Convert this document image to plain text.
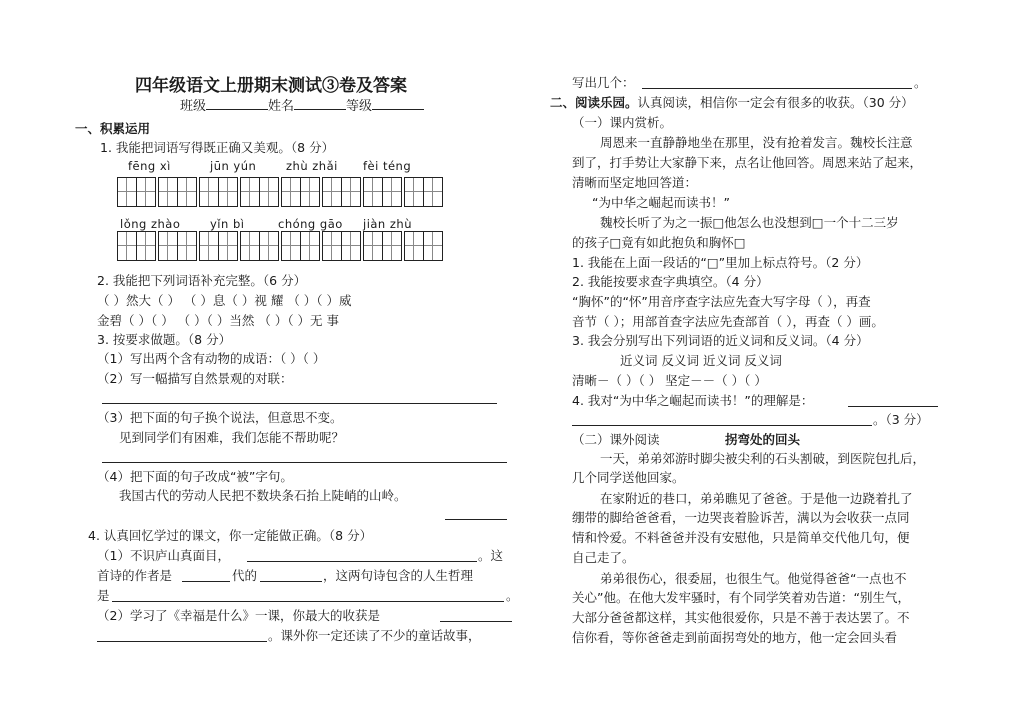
四年级语文上册期末测试③卷及答案
班级	姓名	等级
一、积累运用
1. 我能把词语写得既正确又美观。（8 分）
fēng xì	jūn yún	zhù zhǎi fèi téng
lǒng zhào	yǐn bì	chóng gāo jiàn zhù
2. 我能把下列词语补充完整。（6 分）
（ ）然大（ ） （ ）息（ ）视 耀 （ ）（ ）威
金碧（ ）（ ） （ ）（ ）当然 （ ）（ ）无 事
3. 按要求做题。（8 分）
（1）写出两个含有动物的成语：（ ）（ ）
（2）写一幅描写自然景观的对联：
（3）把下面的句子换个说法，但意思不变。
见到同学们有困难，我们怎能不帮助呢？
（4）把下面的句子改成“被”字句。
我国古代的劳动人民把不数块条石抬上陡峭的山岭。
4. 认真回忆学过的课文，你一定能做正确。（8 分）
（1）不识庐山真面目，	。这
首诗的作者是	代的	，这两句诗包含的人生哲理
是	。
（2）学习了《幸福是什么》一课，你最大的收获是
。课外你一定还读了不少的童话故事，
写出几个：	。
二、阅读乐园。认真阅读，相信你一定会有很多的收获。（30 分）
（一）课内赏析。
周恩来一直静静地坐在那里，没有抢着发言。魏校长注意
到了，打手势让大家静下来，点名让他回答。周恩来站了起来，
清晰而坚定地回答道：
“为中华之崛起而读书！”
魏校长听了为之一振□他怎么也没想到□一个十二三岁
的孩子□竟有如此抱负和胸怀□
1. 我能在上面一段话的“□”里加上标点符号。（2 分）
2. 我能按要求查字典填空。（4 分）
“胸怀”的“怀”用音序查字法应先查大写字母（ ），再查
音节（ ）；用部首查字法应先查部首（ ），再查（ ）画。
3. 我会分别写出下列词语的近义词和反义词。（4 分）
近义词 反义词 近义词 反义词
清晰－（ ）（ ） 坚定－－（ ）（ ）
4. 我对“为中华之崛起而读书！”的理解是：
。（3 分）
（二）课外阅读	拐弯处的回头
一天，弟弟郊游时脚尖被尖利的石头割破，到医院包扎后，
几个同学送他回家。
在家附近的巷口，弟弟瞧见了爸爸。于是他一边跷着扎了
绷带的脚给爸爸看，一边哭丧着脸诉苦，满以为会收获一点同
情和怜爱。不料爸爸并没有安慰他，只是简单交代他几句，便
自己走了。
弟弟很伤心，很委屈，也很生气。他觉得爸爸“一点也不
关心”他。在他大发牢骚时，有个同学笑着劝告道：“别生气，
大部分爸爸都这样，其实他很爱你，只是不善于表达罢了。不
信你看，等你爸爸走到前面拐弯处的地方，他一定会回头看
